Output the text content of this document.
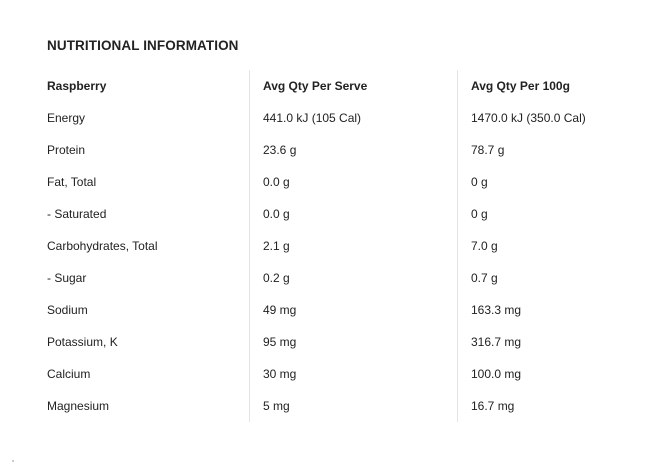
NUTRITIONAL INFORMATION
Raspberry	Avg Qty Per Serve	Avg Qty Per 100g
Energy	441.0 kJ (105 Cal)	1470.0 kJ (350.0 Cal)
Protein	23.6 g	78.7 g
Fat, Total	0.0 g	0 g
- Saturated	0.0 g	0 g
Carbohydrates, Total	2.1 g	7.0 g
- Sugar	0.2 g	0.7 g
Sodium	49 mg	163.3 mg
Potassium, K	95 mg	316.7 mg
Calcium	30 mg	100.0 mg
Magnesium	5 mg	16.7 mg
